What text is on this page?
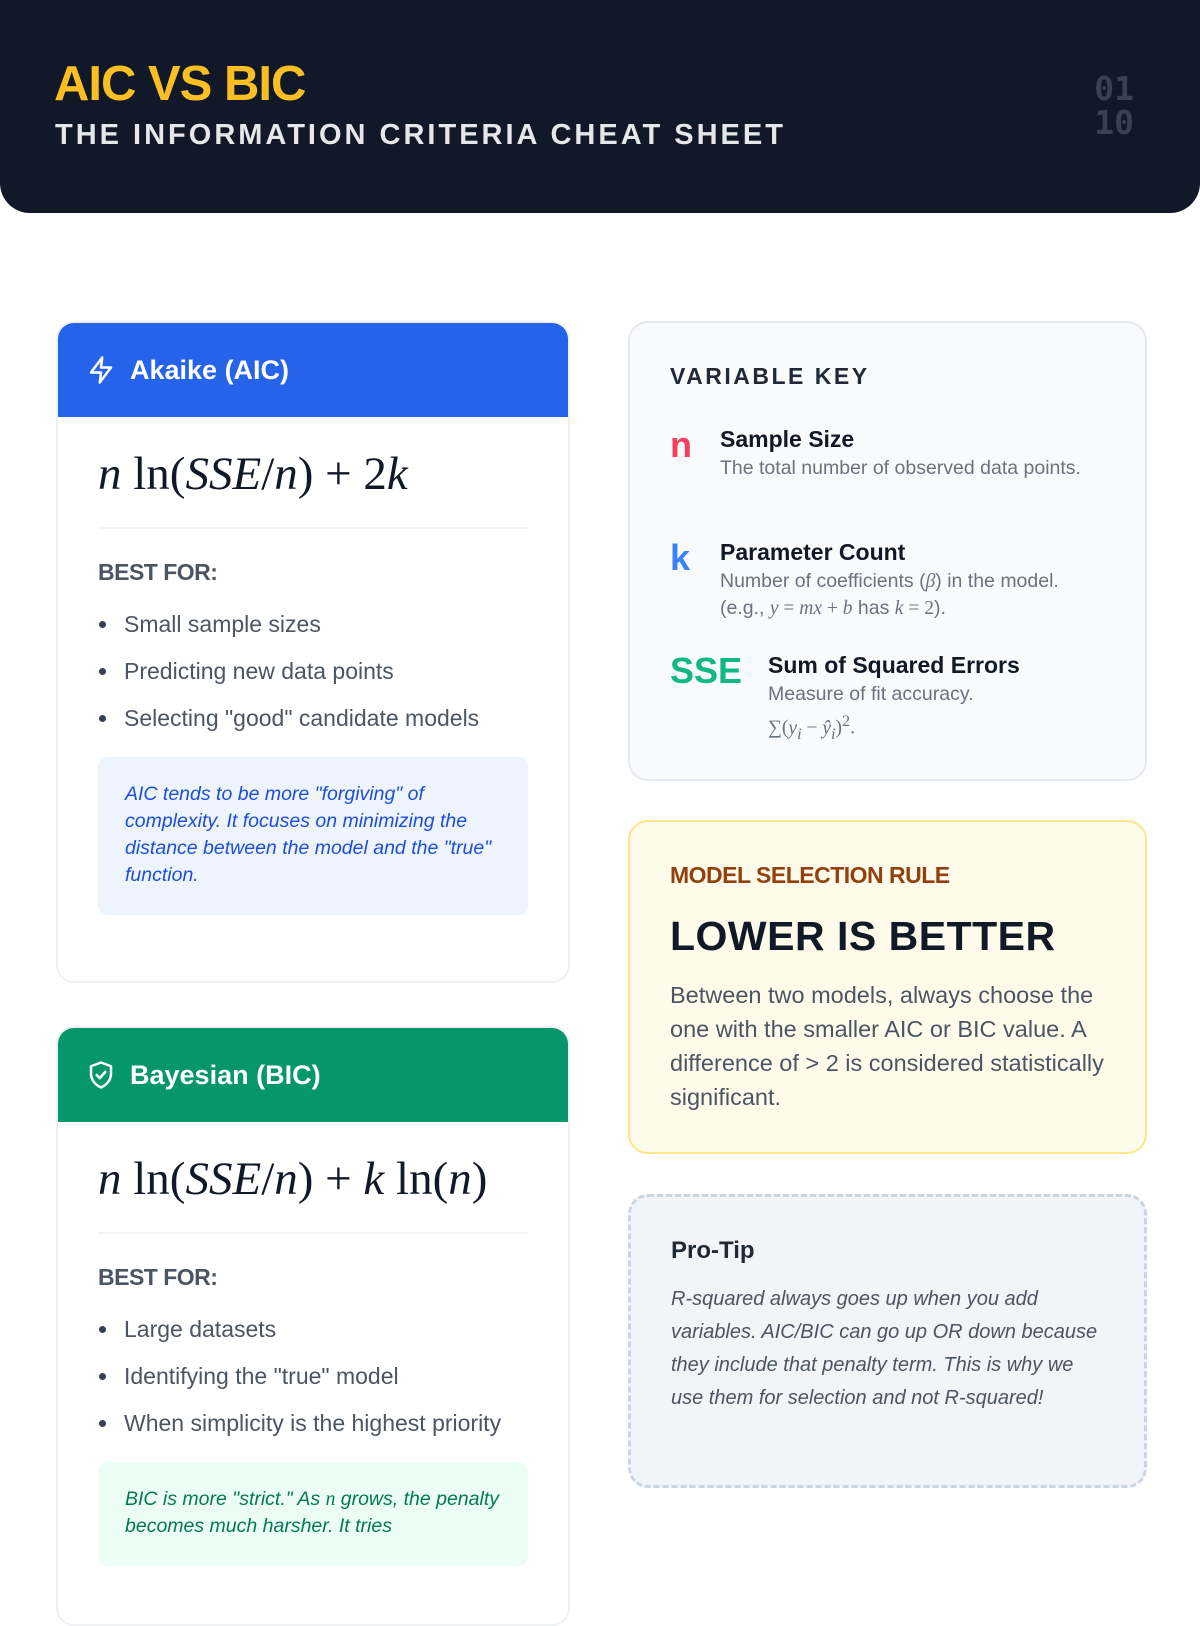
AIC VS BIC
THE INFORMATION CRITERIA CHEAT SHEET
01
10
Akaike (AIC)
n ln(SSE/n) + 2k
BEST FOR:
Small sample sizes
Predicting new data points
Selecting "good" candidate models
AIC tends to be more "forgiving" of complexity. It focuses on minimizing the distance between the model and the "true" function.
Bayesian (BIC)
n ln(SSE/n) + k ln(n)
BEST FOR:
Large datasets
Identifying the "true" model
When simplicity is the highest priority
BIC is more "strict." As n grows, the penalty becomes much harsher. It tries
VARIABLE KEY
n	Sample Size
The total number of observed data points.
k	Parameter Count
Number of coefficients (β) in the model.
(e.g., y = mx + b has k = 2).
SSE	Sum of Squared Errors
Measure of fit accuracy.
$\sum(y_i$ − $ŷ_i)^2$.
MODEL SELECTION RULE
LOWER IS BETTER
Between two models, always choose the one with the smaller AIC or BIC value. A difference of > 2 is considered statistically significant.
Pro-Tip
R-squared always goes up when you add variables. AIC/BIC can go up OR down because they include that penalty term. This is why we use them for selection and not R-squared!
